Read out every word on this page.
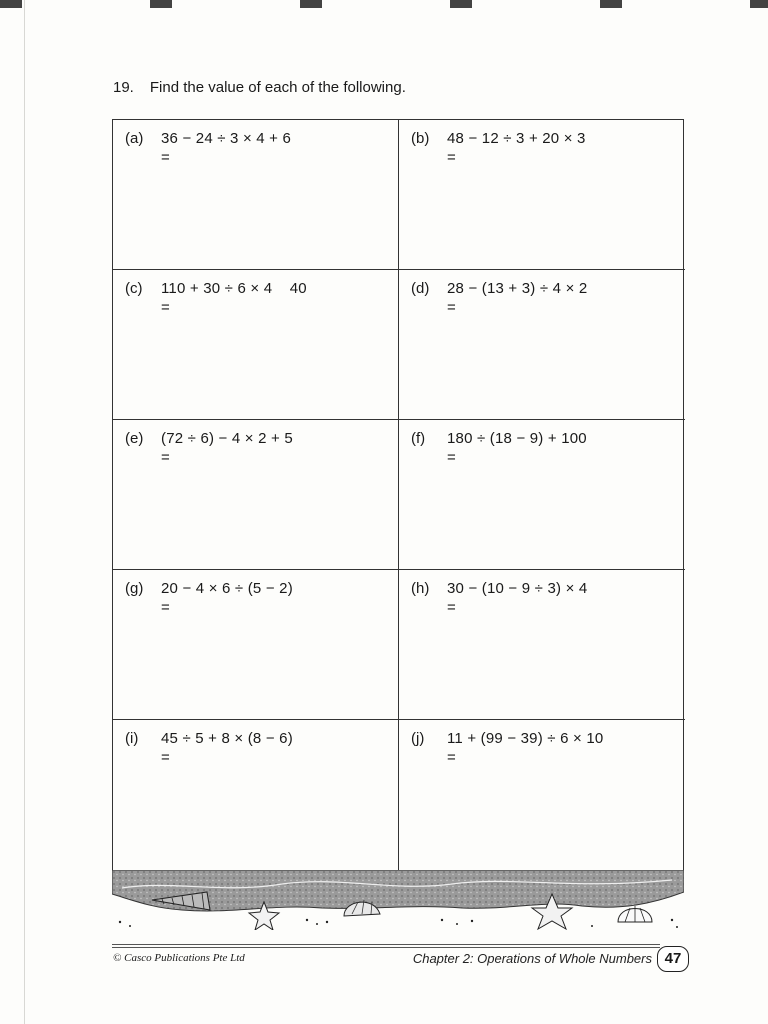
19. Find the value of each of the following.
(a)	36 − 24 ÷ 3 × 4 + 6
=
(b)	48 − 12 ÷ 3 + 20 × 3
=
(c)	110 + 30 ÷ 6 × 4    40
=
(d)	28 − (13 + 3) ÷ 4 × 2
=
(e)	(72 ÷ 6) − 4 × 2 + 5
=
(f)	180 ÷ (18 − 9) + 100
=
(g)	20 − 4 × 6 ÷ (5 − 2)
=
(h)	30 − (10 − 9 ÷ 3) × 4
=
(i)	45 ÷ 5 + 8 × (8 − 6)
=
(j)	11 + (99 − 39) ÷ 6 × 10
=
© Casco Publications Pte Ltd	Chapter 2: Operations of Whole Numbers 47
